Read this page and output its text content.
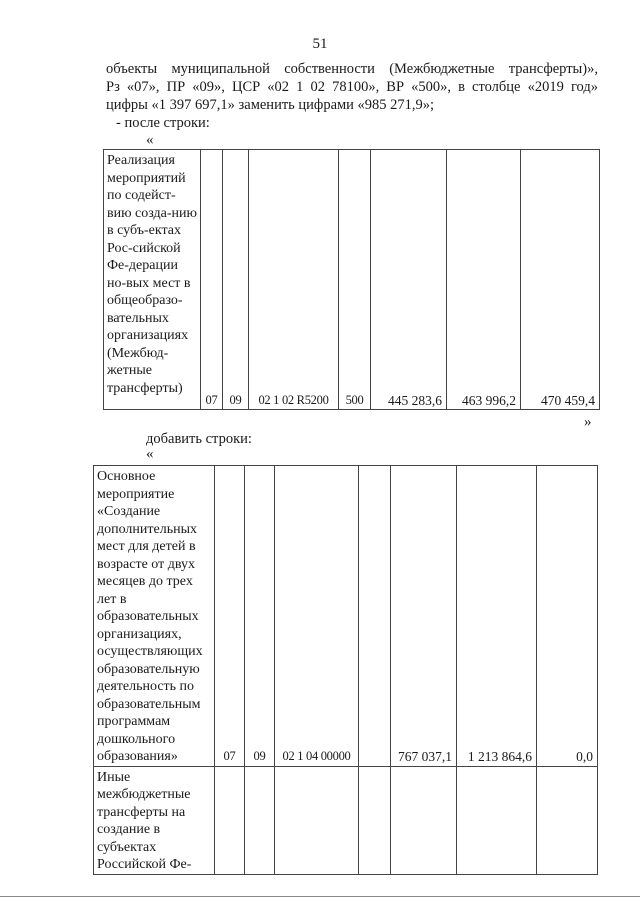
51

объекты муниципальной собственности (Межбюджетные трансферты)»,

Рз «07», ПР «09», ЦСР «02 1 02 78100», ВР «500», в столбце «2019 год»

цифры «1 397 697,1» заменить цифрами «985 271,9»;

- после строки:
«
Реализация мероприятий по содейст-вию созда-нию в субъ-ектах Рос-сийской Фе-дерации но-вых мест в общеобразо-вательных организациях (Межбюд-жетные трансферты)	07	09	02 1 02 R5200	500	445 283,6	463 996,2	470 459,4
»
добавить строки:
«
Основное мероприятие «Создание дополнительных мест для детей в возрасте от двух месяцев до трех лет в образовательных организациях, осуществляющих образовательную деятельность по образовательным программам дошкольного образования»	07	09	02 1 04 00000		767 037,1	1 213 864,6	0,0
Иные межбюджетные трансферты на создание в субъектах Российской Фе-							
